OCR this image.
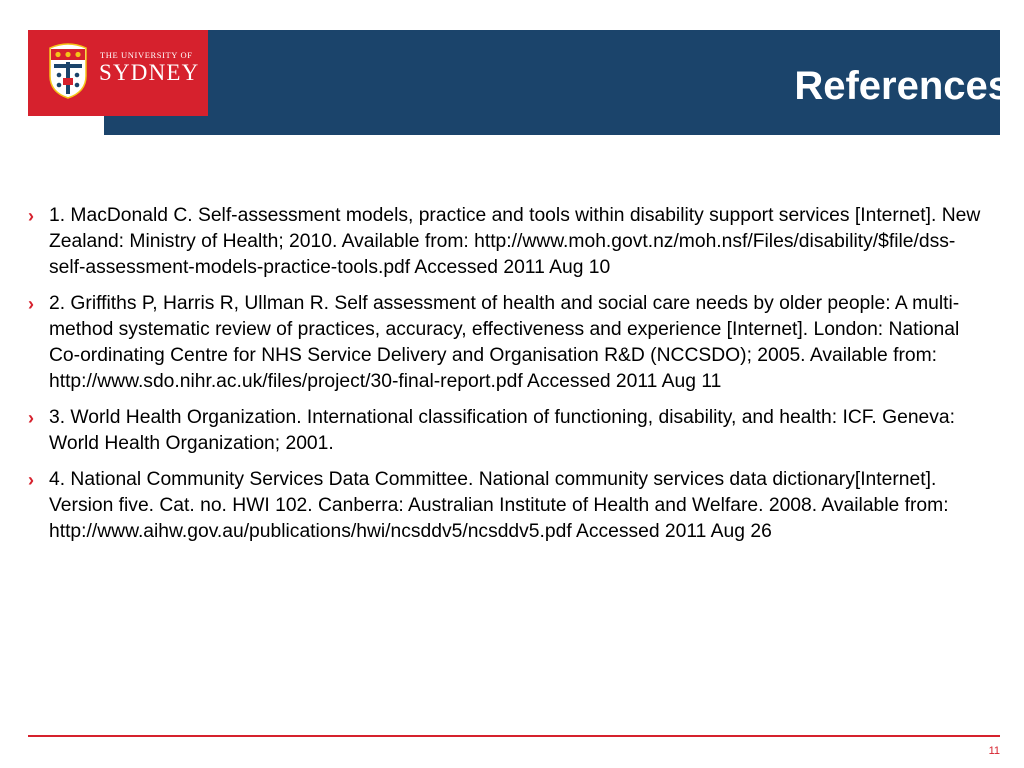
References
THE UNIVERSITY OF
SYDNEY
› 1. MacDonald C. Self-assessment models, practice and tools within disability support services [Internet]. New Zealand: Ministry of Health; 2010. Available from: http://www.moh.govt.nz/moh.nsf/Files/disability/$file/dss-self-assessment-models-practice-tools.pdf Accessed 2011 Aug 10
› 2. Griffiths P, Harris R, Ullman R. Self assessment of health and social care needs by older people: A multi-method systematic review of practices, accuracy, effectiveness and experience [Internet]. London: National Co-ordinating Centre for NHS Service Delivery and Organisation R&D (NCCSDO); 2005. Available from: http://www.sdo.nihr.ac.uk/files/project/30-final-report.pdf Accessed 2011 Aug 11
› 3. World Health Organization. International classification of functioning, disability, and health: ICF. Geneva: World Health Organization; 2001.
› 4. National Community Services Data Committee. National community services data dictionary[Internet]. Version five. Cat. no. HWI 102. Canberra: Australian Institute of Health and Welfare. 2008. Available from: http://www.aihw.gov.au/publications/hwi/ncsddv5/ncsddv5.pdf Accessed 2011 Aug 26
11
